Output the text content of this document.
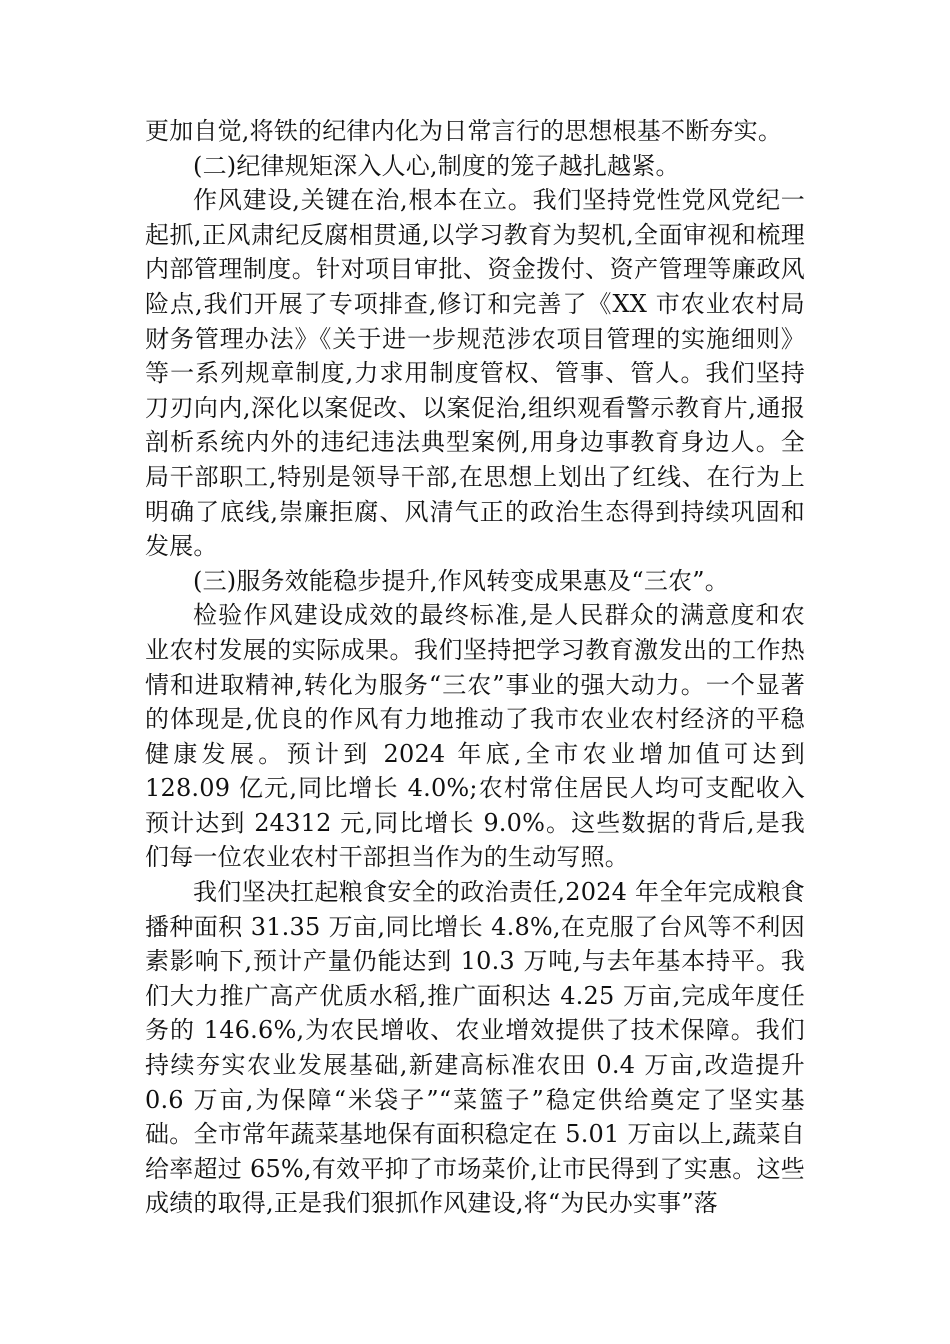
更加自觉,将铁的纪律内化为日常言行的思想根基不断夯实。

(二)纪律规矩深入人心,制度的笼子越扎越紧。

作风建设,关键在治,根本在立。我们坚持党性党风党纪一起抓,正风肃纪反腐相贯通,以学习教育为契机,全面审视和梳理内部管理制度。针对项目审批、资金拨付、资产管理等廉政风险点,我们开展了专项排查,修订和完善了《XX 市农业农村局财务管理办法》《关于进一步规范涉农项目管理的实施细则》等一系列规章制度,力求用制度管权、管事、管人。我们坚持刀刃向内,深化以案促改、以案促治,组织观看警示教育片,通报剖析系统内外的违纪违法典型案例,用身边事教育身边人。全局干部职工,特别是领导干部,在思想上划出了红线、在行为上明确了底线,崇廉拒腐、风清气正的政治生态得到持续巩固和发展。

(三)服务效能稳步提升,作风转变成果惠及“三农”。

检验作风建设成效的最终标准,是人民群众的满意度和农业农村发展的实际成果。我们坚持把学习教育激发出的工作热情和进取精神,转化为服务“三农”事业的强大动力。一个显著的体现是,优良的作风有力地推动了我市农业农村经济的平稳健康发展。预计到 2024 年底,全市农业增加值可达到 128.09 亿元,同比增长 4.0%;农村常住居民人均可支配收入预计达到 24312 元,同比增长 9.0%。这些数据的背后,是我们每一位农业农村干部担当作为的生动写照。

我们坚决扛起粮食安全的政治责任,2024 年全年完成粮食播种面积 31.35 万亩,同比增长 4.8%,在克服了台风等不利因素影响下,预计产量仍能达到 10.3 万吨,与去年基本持平。我们大力推广高产优质水稻,推广面积达 4.25 万亩,完成年度任务的 146.6%,为农民增收、农业增效提供了技术保障。我们持续夯实农业发展基础,新建高标准农田 0.4 万亩,改造提升 0.6 万亩,为保障“米袋子”“菜篮子”稳定供给奠定了坚实基础。全市常年蔬菜基地保有面积稳定在 5.01 万亩以上,蔬菜自给率超过 65%,有效平抑了市场菜价,让市民得到了实惠。这些成绩的取得,正是我们狠抓作风建设,将“为民办实事”落
